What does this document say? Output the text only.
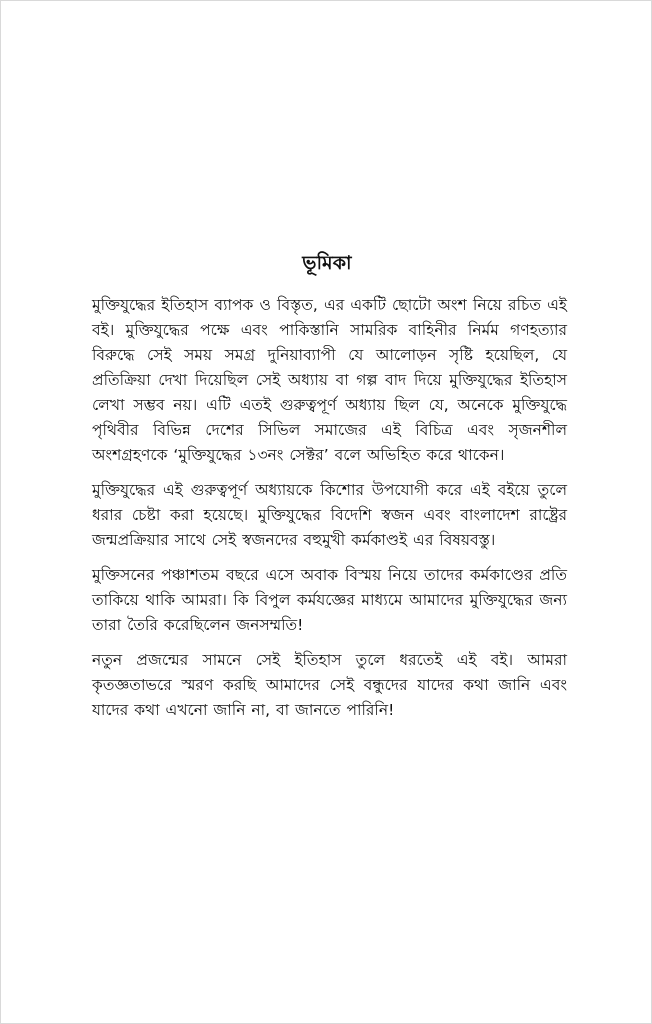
ভূমিকা

মুক্তিযুদ্ধের ইতিহাস ব্যাপক ও বিস্তৃত, এর একটি ছোটো অংশ নিয়ে রচিত এই বই। মুক্তিযুদ্ধের পক্ষে এবং পাকিস্তানি সামরিক বাহিনীর নির্মম গণহত্যার বিরুদ্ধে সেই সময় সমগ্র দুনিয়াব্যাপী যে আলোড়ন সৃষ্টি হয়েছিল, যে প্রতিক্রিয়া দেখা দিয়েছিল সেই অধ্যায় বা গল্প বাদ দিয়ে মুক্তিযুদ্ধের ইতিহাস লেখা সম্ভব নয়। এটি এতই গুরুত্বপূর্ণ অধ্যায় ছিল যে, অনেকে মুক্তিযুদ্ধে পৃথিবীর বিভিন্ন দেশের সিভিল সমাজের এই বিচিত্র এবং সৃজনশীল অংশগ্রহণকে ‘মুক্তিযুদ্ধের ১৩নং সেক্টর’ বলে অভিহিত করে থাকেন।

মুক্তিযুদ্ধের এই গুরুত্বপূর্ণ অধ্যায়কে কিশোর উপযোগী করে এই বইয়ে তুলে ধরার চেষ্টা করা হয়েছে। মুক্তিযুদ্ধের বিদেশি স্বজন এবং বাংলাদেশ রাষ্ট্রের জন্মপ্রক্রিয়ার সাথে সেই স্বজনদের বহুমুখী কর্মকাণ্ডই এর বিষয়বস্তু।

মুক্তিসনের পঞ্চাশতম বছরে এসে অবাক বিস্ময় নিয়ে তাদের কর্মকাণ্ডের প্রতি তাকিয়ে থাকি আমরা। কি বিপুল কর্মযজ্ঞের মাধ্যমে আমাদের মুক্তিযুদ্ধের জন্য তারা তৈরি করেছিলেন জনসম্মতি!

নতুন প্রজন্মের সামনে সেই ইতিহাস তুলে ধরতেই এই বই। আমরা কৃতজ্ঞতাভরে স্মরণ করছি আমাদের সেই বন্ধুদের যাদের কথা জানি এবং যাদের কথা এখনো জানি না, বা জানতে পারিনি!
